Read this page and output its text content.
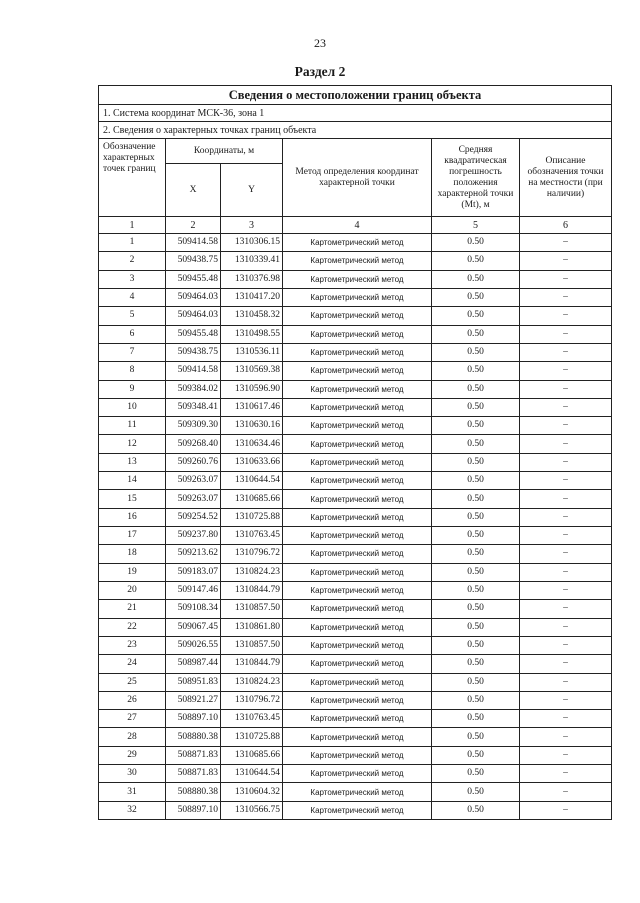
23
Раздел 2
Сведения о местоположении границ объекта					
1. Система координат МСК-36, зона 1					
2. Сведения о характерных точках границ объекта					
Обозначение характерных точек границ	Координаты, м		Метод определения координат характерной точки	Средняя квадратическая погрешность положения характерной точки (Mt), м	Описание обозначения точки на местности (при наличии)
	X	Y			
1	2	3	4	5	6
1	509414.58	1310306.15	Картометрический метод	0.50	–
2	509438.75	1310339.41	Картометрический метод	0.50	–
3	509455.48	1310376.98	Картометрический метод	0.50	–
4	509464.03	1310417.20	Картометрический метод	0.50	–
5	509464.03	1310458.32	Картометрический метод	0.50	–
6	509455.48	1310498.55	Картометрический метод	0.50	–
7	509438.75	1310536.11	Картометрический метод	0.50	–
8	509414.58	1310569.38	Картометрический метод	0.50	–
9	509384.02	1310596.90	Картометрический метод	0.50	–
10	509348.41	1310617.46	Картометрический метод	0.50	–
11	509309.30	1310630.16	Картометрический метод	0.50	–
12	509268.40	1310634.46	Картометрический метод	0.50	–
13	509260.76	1310633.66	Картометрический метод	0.50	–
14	509263.07	1310644.54	Картометрический метод	0.50	–
15	509263.07	1310685.66	Картометрический метод	0.50	–
16	509254.52	1310725.88	Картометрический метод	0.50	–
17	509237.80	1310763.45	Картометрический метод	0.50	–
18	509213.62	1310796.72	Картометрический метод	0.50	–
19	509183.07	1310824.23	Картометрический метод	0.50	–
20	509147.46	1310844.79	Картометрический метод	0.50	–
21	509108.34	1310857.50	Картометрический метод	0.50	–
22	509067.45	1310861.80	Картометрический метод	0.50	–
23	509026.55	1310857.50	Картометрический метод	0.50	–
24	508987.44	1310844.79	Картометрический метод	0.50	–
25	508951.83	1310824.23	Картометрический метод	0.50	–
26	508921.27	1310796.72	Картометрический метод	0.50	–
27	508897.10	1310763.45	Картометрический метод	0.50	–
28	508880.38	1310725.88	Картометрический метод	0.50	–
29	508871.83	1310685.66	Картометрический метод	0.50	–
30	508871.83	1310644.54	Картометрический метод	0.50	–
31	508880.38	1310604.32	Картометрический метод	0.50	–
32	508897.10	1310566.75	Картометрический метод	0.50	–
